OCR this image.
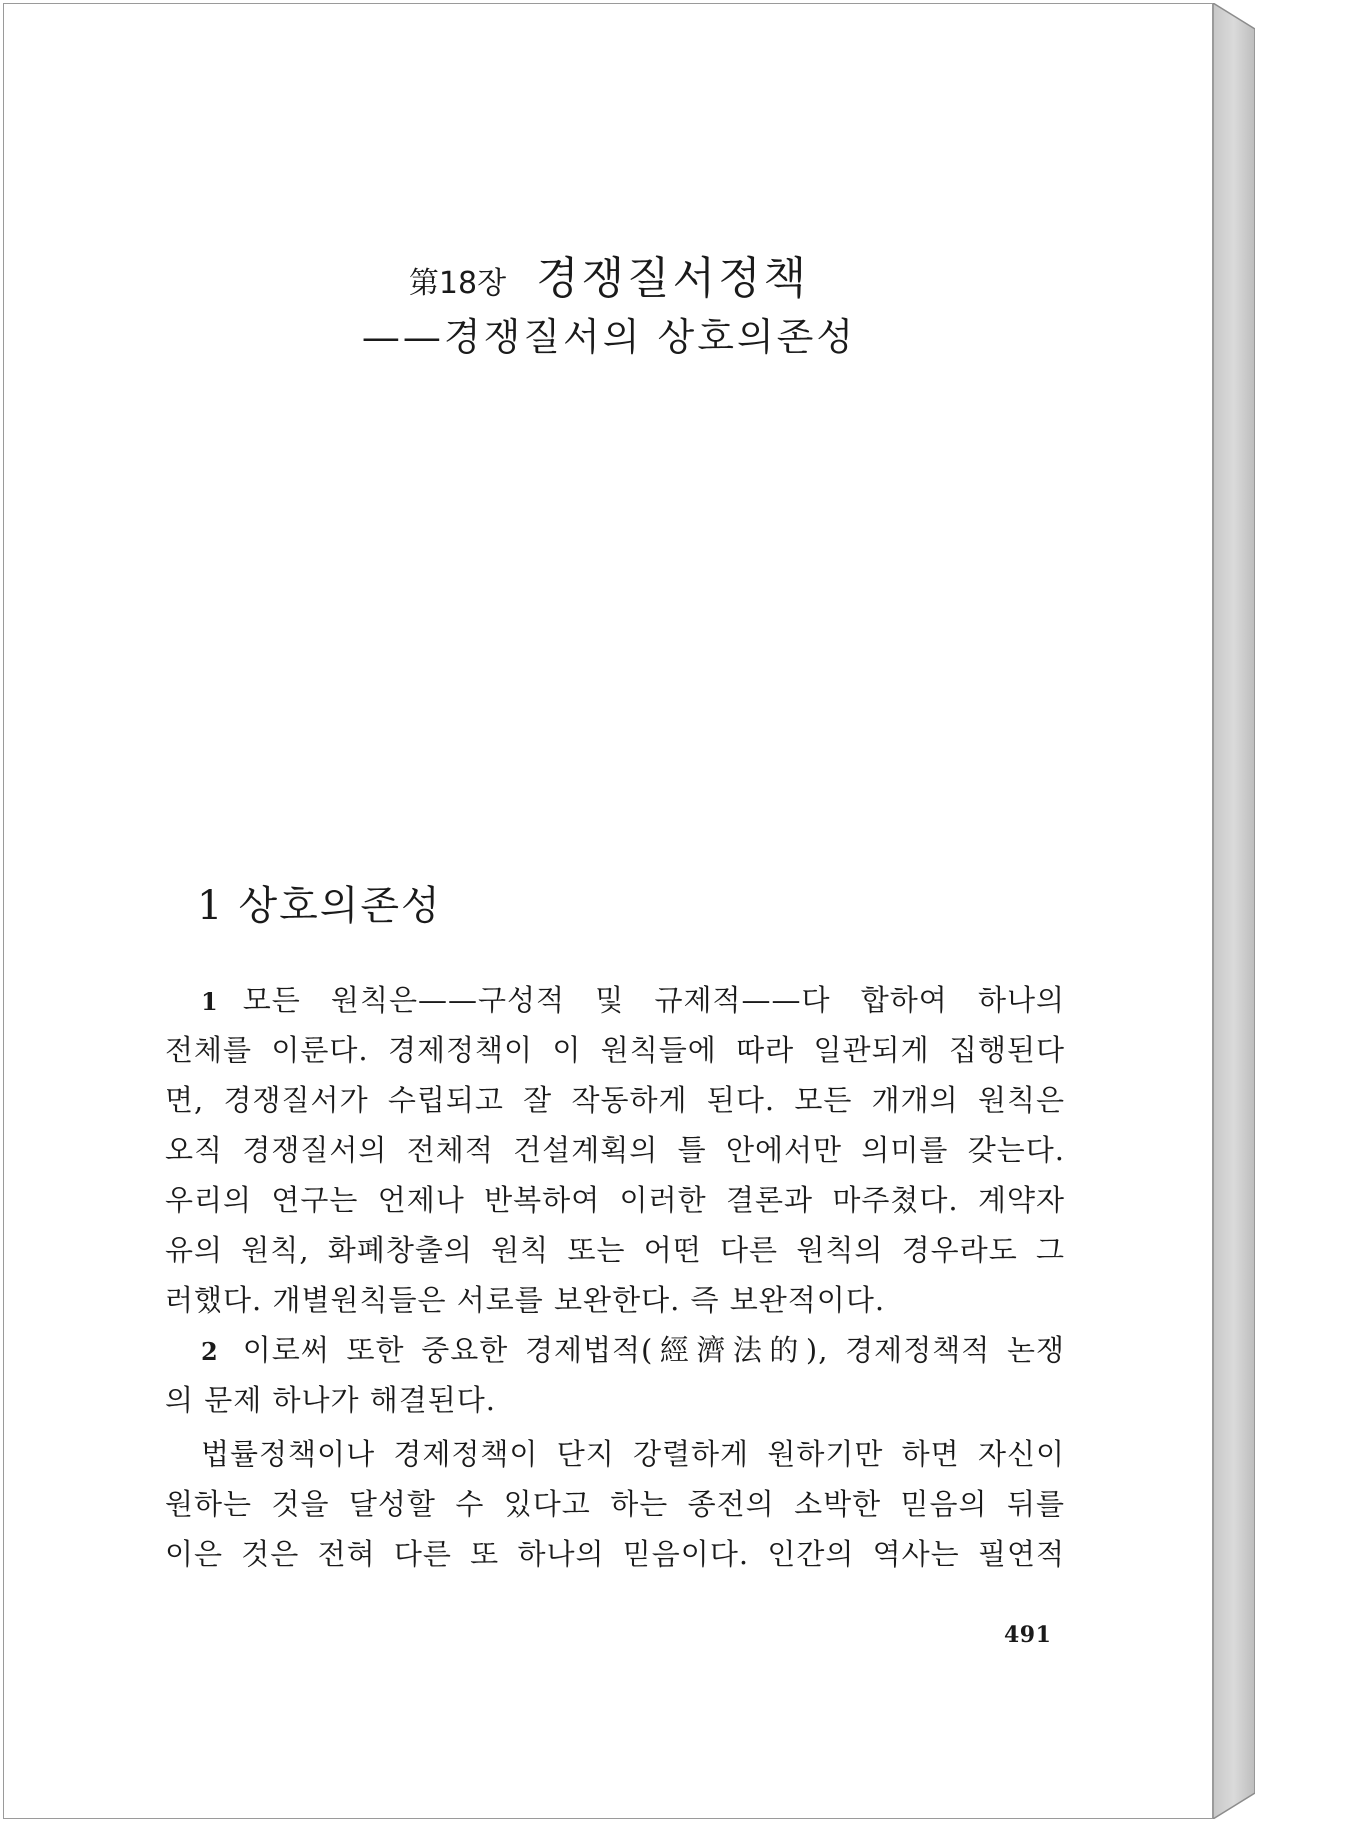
第18장 경쟁질서정책
——경쟁질서의 상호의존성
1 상호의존성
1 모든 원칙은——구성적 및 규제적——다 합하여 하나의
전체를 이룬다. 경제정책이 이 원칙들에 따라 일관되게 집행된다
면, 경쟁질서가 수립되고 잘 작동하게 된다. 모든 개개의 원칙은
오직 경쟁질서의 전체적 건설계획의 틀 안에서만 의미를 갖는다.
우리의 연구는 언제나 반복하여 이러한 결론과 마주쳤다. 계약자
유의 원칙, 화폐창출의 원칙 또는 어떤 다른 원칙의 경우라도 그
러했다. 개별원칙들은 서로를 보완한다. 즉 보완적이다.
2 이로써 또한 중요한 경제법적(經濟法的), 경제정책적 논쟁
의 문제 하나가 해결된다.
법률정책이나 경제정책이 단지 강렬하게 원하기만 하면 자신이
원하는 것을 달성할 수 있다고 하는 종전의 소박한 믿음의 뒤를
이은 것은 전혀 다른 또 하나의 믿음이다. 인간의 역사는 필연적
491
